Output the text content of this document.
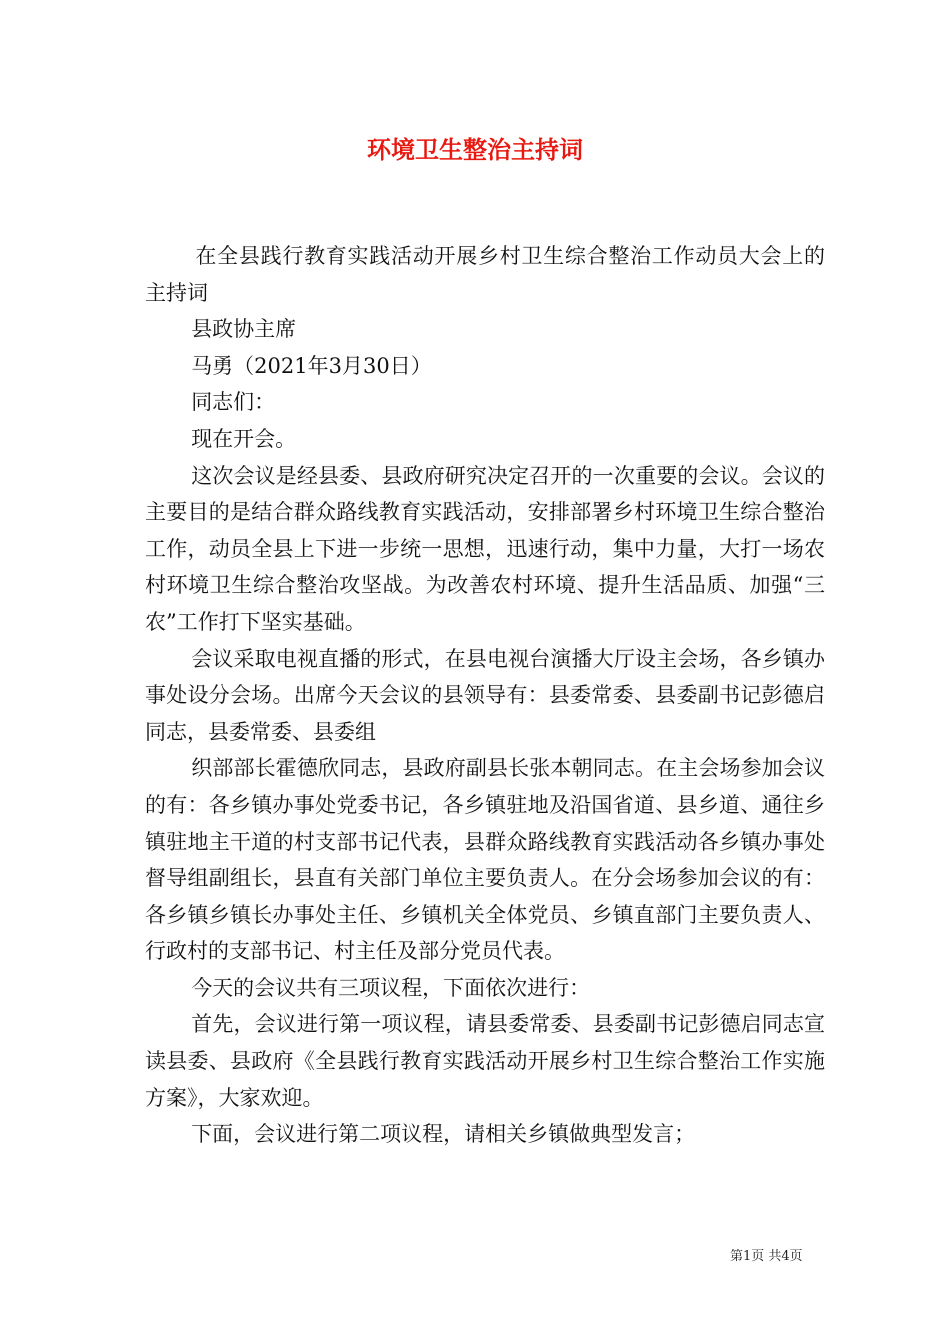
环境卫生整治主持词

在全县践行教育实践活动开展乡村卫生综合整治工作动员大会上的主持词

县政协主席

马勇（2021年3月30日）

同志们：

现在开会。

这次会议是经县委、县政府研究决定召开的一次重要的会议。会议的主要目的是结合群众路线教育实践活动，安排部署乡村环境卫生综合整治工作，动员全县上下进一步统一思想，迅速行动，集中力量，大打一场农村环境卫生综合整治攻坚战。为改善农村环境、提升生活品质、加强“三农”工作打下坚实基础。

会议采取电视直播的形式，在县电视台演播大厅设主会场，各乡镇办事处设分会场。出席今天会议的县领导有：县委常委、县委副书记彭德启同志，县委常委、县委组

织部部长霍德欣同志，县政府副县长张本朝同志。在主会场参加会议的有：各乡镇办事处党委书记，各乡镇驻地及沿国省道、县乡道、通往乡镇驻地主干道的村支部书记代表，县群众路线教育实践活动各乡镇办事处督导组副组长，县直有关部门单位主要负责人。在分会场参加会议的有：各乡镇乡镇长办事处主任、乡镇机关全体党员、乡镇直部门主要负责人、行政村的支部书记、村主任及部分党员代表。

今天的会议共有三项议程，下面依次进行：

首先，会议进行第一项议程，请县委常委、县委副书记彭德启同志宣读县委、县政府《全县践行教育实践活动开展乡村卫生综合整治工作实施方案》，大家欢迎。

下面，会议进行第二项议程，请相关乡镇做典型发言；

第1页 共4页
